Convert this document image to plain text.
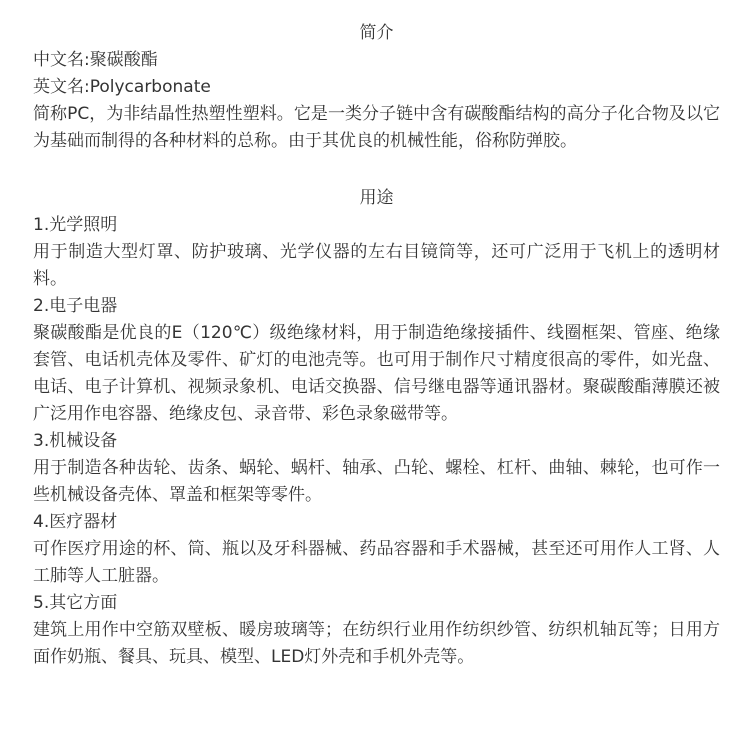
简介

中文名:聚碳酸酯

英文名:Polycarbonate

简称PC，为非结晶性热塑性塑料。它是一类分子链中含有碳酸酯结构的高分子化合物及以它为基础而制得的各种材料的总称。由于其优良的机械性能，俗称防弹胶。

用途

1.光学照明

用于制造大型灯罩、防护玻璃、光学仪器的左右目镜筒等，还可广泛用于飞机上的透明材料。

2.电子电器

聚碳酸酯是优良的E（120℃）级绝缘材料，用于制造绝缘接插件、线圈框架、管座、绝缘套管、电话机壳体及零件、矿灯的电池壳等。也可用于制作尺寸精度很高的零件，如光盘、电话、电子计算机、视频录象机、电话交换器、信号继电器等通讯器材。聚碳酸酯薄膜还被广泛用作电容器、绝缘皮包、录音带、彩色录象磁带等。

3.机械设备

用于制造各种齿轮、齿条、蜗轮、蜗杆、轴承、凸轮、螺栓、杠杆、曲轴、棘轮，也可作一些机械设备壳体、罩盖和框架等零件。

4.医疗器材

可作医疗用途的杯、筒、瓶以及牙科器械、药品容器和手术器械，甚至还可用作人工肾、人工肺等人工脏器。

5.其它方面

建筑上用作中空筋双壁板、暖房玻璃等；在纺织行业用作纺织纱管、纺织机轴瓦等；日用方面作奶瓶、餐具、玩具、模型、LED灯外壳和手机外壳等。
